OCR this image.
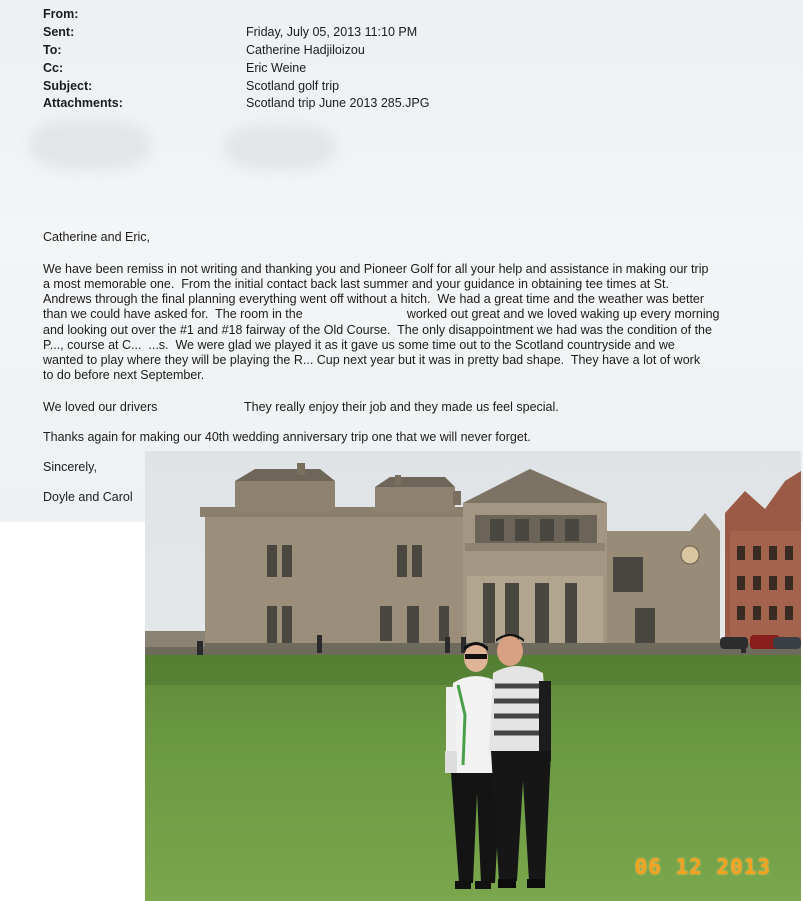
From:
Sent:	Friday, July 05, 2013 11:10 PM
To:	Catherine Hadjiloizou
Cc:	Eric Weine
Subject:	Scotland golf trip
Attachments:	Scotland trip June 2013 285.JPG
Catherine and Eric,
We have been remiss in not writing and thanking you and Pioneer Golf for all your help and assistance in making our trip
a most memorable one.  From the initial contact back last summer and your guidance in obtaining tee times at St.
Andrews through the final planning everything went off without a hitch.  We had a great time and the weather was better
than we could have asked for.  The room in the                              worked out great and we loved waking up every morning
and looking out over the #1 and #18 fairway of the Old Course.  The only disappointment we had was the condition of the
P..., course at C...  ...s.  We were glad we played it as it gave us some time out to the Scotland countryside and we
wanted to play where they will be playing the R... Cup next year but it was in pretty bad shape.  They have a lot of work
to do before next September.
We loved our drivers                         They really enjoy their job and they made us feel special.
Thanks again for making our 40th wedding anniversary trip one that we will never forget.
Sincerely,
Doyle and Carol
06 12 2013
